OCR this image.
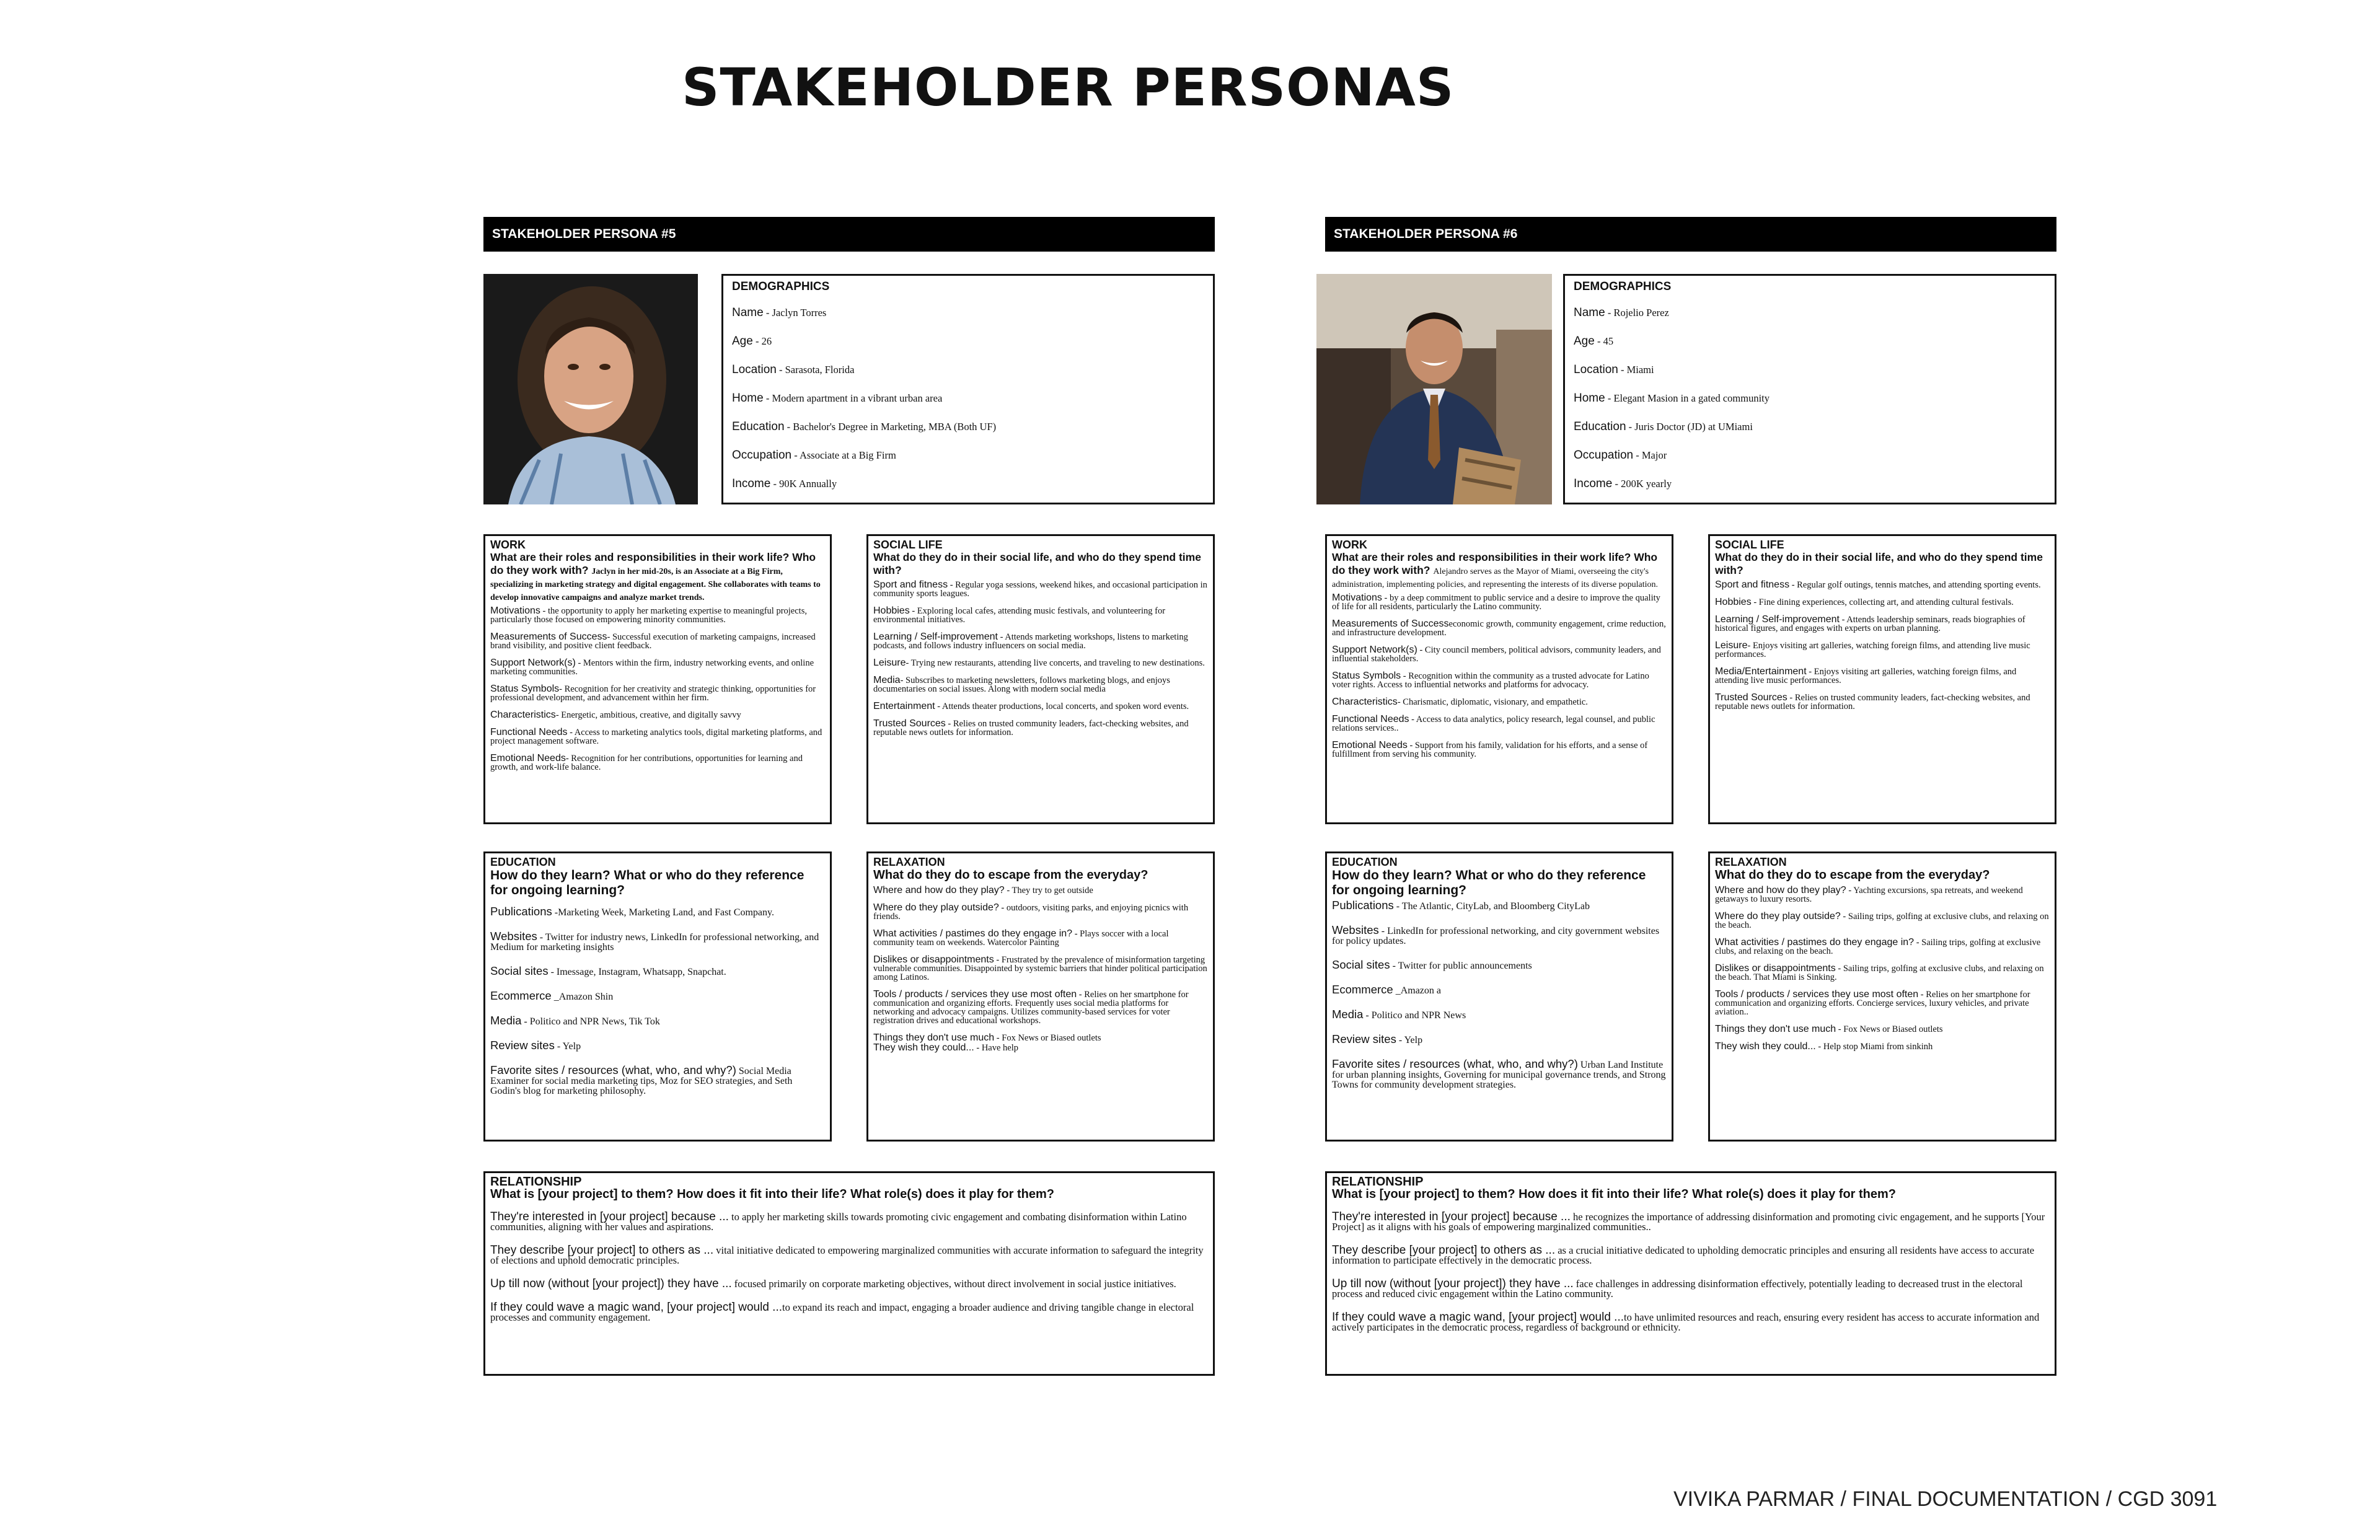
STAKEHOLDER PERSONAS
STAKEHOLDER PERSONA #5
DEMOGRAPHICS
Name - Jaclyn Torres
Age - 26
Location - Sarasota, Florida
Home - Modern apartment in a vibrant urban area
Education - Bachelor's Degree in Marketing, MBA (Both UF)
Occupation - Associate at a Big Firm
Income - 90K Annually
WORK
What are their roles and responsibilities in their work life? Who do they work with? Jaclyn in her mid-20s, is an Associate at a Big Firm, specializing in marketing strategy and digital engagement. She collaborates with teams to develop innovative campaigns and analyze market trends.
Motivations - the opportunity to apply her marketing expertise to meaningful projects, particularly those focused on empowering minority communities.
Measurements of Success- Successful execution of marketing campaigns, increased brand visibility, and positive client feedback.
Support Network(s) - Mentors within the firm, industry networking events, and online marketing communities.
Status Symbols- Recognition for her creativity and strategic thinking, opportunities for professional development, and advancement within her firm.
Characteristics- Energetic, ambitious, creative, and digitally savvy
Functional Needs - Access to marketing analytics tools, digital marketing platforms, and project management software.
Emotional Needs- Recognition for her contributions, opportunities for learning and growth, and work-life balance.
SOCIAL LIFE
What do they do in their social life, and who do they spend time with?
Sport and fitness - Regular yoga sessions, weekend hikes, and occasional participation in community sports leagues.
Hobbies - Exploring local cafes, attending music festivals, and volunteering for environmental initiatives.
Learning / Self-improvement - Attends marketing workshops, listens to marketing podcasts, and follows industry influencers on social media.
Leisure- Trying new restaurants, attending live concerts, and traveling to new destinations.
Media- Subscribes to marketing newsletters, follows marketing blogs, and enjoys documentaries on social issues. Along with modern social media
Entertainment - Attends theater productions, local concerts, and spoken word events.
Trusted Sources - Relies on trusted community leaders, fact-checking websites, and reputable news outlets for information.
EDUCATION
How do they learn? What or who do they reference for ongoing learning?
Publications -Marketing Week, Marketing Land, and Fast Company.
Websites - Twitter for industry news, LinkedIn for professional networking, and Medium for marketing insights
Social sites - Imessage, Instagram, Whatsapp, Snapchat.
Ecommerce _Amazon Shin
Media - Politico and NPR News, Tik Tok
Review sites - Yelp
Favorite sites / resources (what, who, and why?) Social Media Examiner for social media marketing tips, Moz for SEO strategies, and Seth Godin's blog for marketing philosophy.
RELAXATION
What do they do to escape from the everyday?
Where and how do they play? - They try to get outside
Where do they play outside? - outdoors, visiting parks, and enjoying picnics with friends.
What activities / pastimes do they engage in? - Plays soccer with a local community team on weekends. Watercolor Painting
Dislikes or disappointments - Frustrated by the prevalence of misinformation targeting vulnerable communities. Disappointed by systemic barriers that hinder political participation among Latinos.
Tools / products / services they use most often - Relies on her smartphone for communication and organizing efforts. Frequently uses social media platforms for networking and advocacy campaigns. Utilizes community-based services for voter registration drives and educational workshops.
Things they don't use much - Fox News or Biased outlets
They wish they could... - Have help
RELATIONSHIP
What is [your project] to them? How does it fit into their life? What role(s) does it play for them?
They're interested in [your project] because ... to apply her marketing skills towards promoting civic engagement and combating disinformation within Latino communities, aligning with her values and aspirations.
They describe [your project] to others as ... vital initiative dedicated to empowering marginalized communities with accurate information to safeguard the integrity of elections and uphold democratic principles.
Up till now (without [your project]) they have ... focused primarily on corporate marketing objectives, without direct involvement in social justice initiatives.
If they could wave a magic wand, [your project] would ...to expand its reach and impact, engaging a broader audience and driving tangible change in electoral processes and community engagement.
STAKEHOLDER PERSONA #6
DEMOGRAPHICS
Name - Rojelio Perez
Age - 45
Location - Miami
Home - Elegant Masion in a gated community
Education - Juris Doctor (JD) at UMiami
Occupation - Major
Income - 200K yearly
WORK
What are their roles and responsibilities in their work life? Who do they work with? Alejandro serves as the Mayor of Miami, overseeing the city's administration, implementing policies, and representing the interests of its diverse population.
Motivations - by a deep commitment to public service and a desire to improve the quality of life for all residents, particularly the Latino community.
Measurements of Successeconomic growth, community engagement, crime reduction, and infrastructure development.
Support Network(s) - City council members, political advisors, community leaders, and influential stakeholders.
Status Symbols - Recognition within the community as a trusted advocate for Latino voter rights. Access to influential networks and platforms for advocacy.
Characteristics- Charismatic, diplomatic, visionary, and empathetic.
Functional Needs - Access to data analytics, policy research, legal counsel, and public relations services..
Emotional Needs - Support from his family, validation for his efforts, and a sense of fulfillment from serving his community.
SOCIAL LIFE
What do they do in their social life, and who do they spend time with?
Sport and fitness - Regular golf outings, tennis matches, and attending sporting events.
Hobbies - Fine dining experiences, collecting art, and attending cultural festivals.
Learning / Self-improvement - Attends leadership seminars, reads biographies of historical figures, and engages with experts on urban planning.
Leisure- Enjoys visiting art galleries, watching foreign films, and attending live music performances.
Media/Entertainment - Enjoys visiting art galleries, watching foreign films, and attending live music performances.
Trusted Sources - Relies on trusted community leaders, fact-checking websites, and reputable news outlets for information.
EDUCATION
How do they learn? What or who do they reference for ongoing learning?
Publications - The Atlantic, CityLab, and Bloomberg CityLab
Websites - LinkedIn for professional networking, and city government websites for policy updates.
Social sites - Twitter for public announcements
Ecommerce _Amazon a
Media - Politico and NPR News
Review sites - Yelp
Favorite sites / resources (what, who, and why?) Urban Land Institute for urban planning insights, Governing for municipal governance trends, and Strong Towns for community development strategies.
RELAXATION
What do they do to escape from the everyday?
Where and how do they play? - Yachting excursions, spa retreats, and weekend getaways to luxury resorts.
Where do they play outside? - Sailing trips, golfing at exclusive clubs, and relaxing on the beach.
What activities / pastimes do they engage in? - Sailing trips, golfing at exclusive clubs, and relaxing on the beach.
Dislikes or disappointments - Sailing trips, golfing at exclusive clubs, and relaxing on the beach. That Miami is Sinking.
Tools / products / services they use most often - Relies on her smartphone for communication and organizing efforts. Concierge services, luxury vehicles, and private aviation..
Things they don't use much - Fox News or Biased outlets
They wish they could... - Help stop Miami from sinkinh
RELATIONSHIP
What is [your project] to them? How does it fit into their life? What role(s) does it play for them?
They're interested in [your project] because ... he recognizes the importance of addressing disinformation and promoting civic engagement, and he supports [Your Project] as it aligns with his goals of empowering marginalized communities..
They describe [your project] to others as ... as a crucial initiative dedicated to upholding democratic principles and ensuring all residents have access to accurate information to participate effectively in the democratic process.
Up till now (without [your project]) they have ... face challenges in addressing disinformation effectively, potentially leading to decreased trust in the electoral process and reduced civic engagement within the Latino community.
If they could wave a magic wand, [your project] would ...to have unlimited resources and reach, ensuring every resident has access to accurate information and actively participates in the democratic process, regardless of background or ethnicity.
VIVIKA PARMAR / FINAL DOCUMENTATION / CGD 3091
